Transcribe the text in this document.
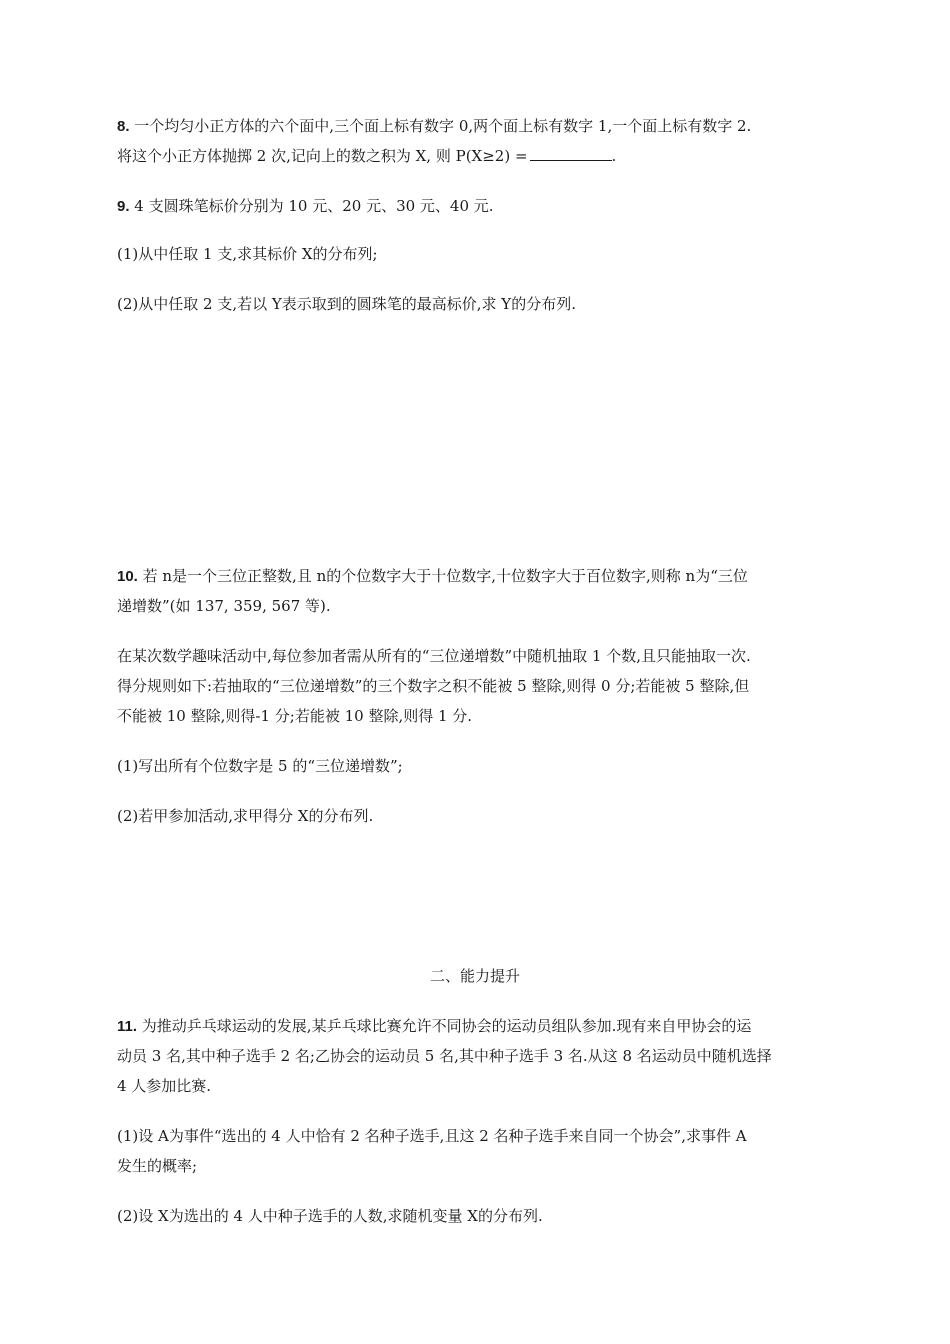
8. 一个均匀小正方体的六个面中,三个面上标有数字 0,两个面上标有数字 1,一个面上标有数字 2.
将这个小正方体抛掷 2 次,记向上的数之积为 X, 则 P(X≥2) =	.
9. 4 支圆珠笔标价分别为 10 元、20 元、30 元、40 元.
(1)从中任取 1 支,求其标价 X的分布列;
(2)从中任取 2 支,若以 Y表示取到的圆珠笔的最高标价,求 Y的分布列.
10. 若 n是一个三位正整数,且 n的个位数字大于十位数字,十位数字大于百位数字,则称 n为“三位
递增数”(如 137, 359, 567 等).
在某次数学趣味活动中,每位参加者需从所有的“三位递增数”中随机抽取 1 个数,且只能抽取一次.
得分规则如下:若抽取的“三位递增数”的三个数字之积不能被 5 整除,则得 0 分;若能被 5 整除,但
不能被 10 整除,则得-1 分;若能被 10 整除,则得 1 分.
(1)写出所有个位数字是 5 的“三位递增数”;
(2)若甲参加活动,求甲得分 X的分布列.
二、能力提升
11. 为推动乒乓球运动的发展,某乒乓球比赛允许不同协会的运动员组队参加.现有来自甲协会的运
动员 3 名,其中种子选手 2 名;乙协会的运动员 5 名,其中种子选手 3 名.从这 8 名运动员中随机选择
4 人参加比赛.
(1)设 A为事件“选出的 4 人中恰有 2 名种子选手,且这 2 名种子选手来自同一个协会”,求事件 A
发生的概率;
(2)设 X为选出的 4 人中种子选手的人数,求随机变量 X的分布列.
